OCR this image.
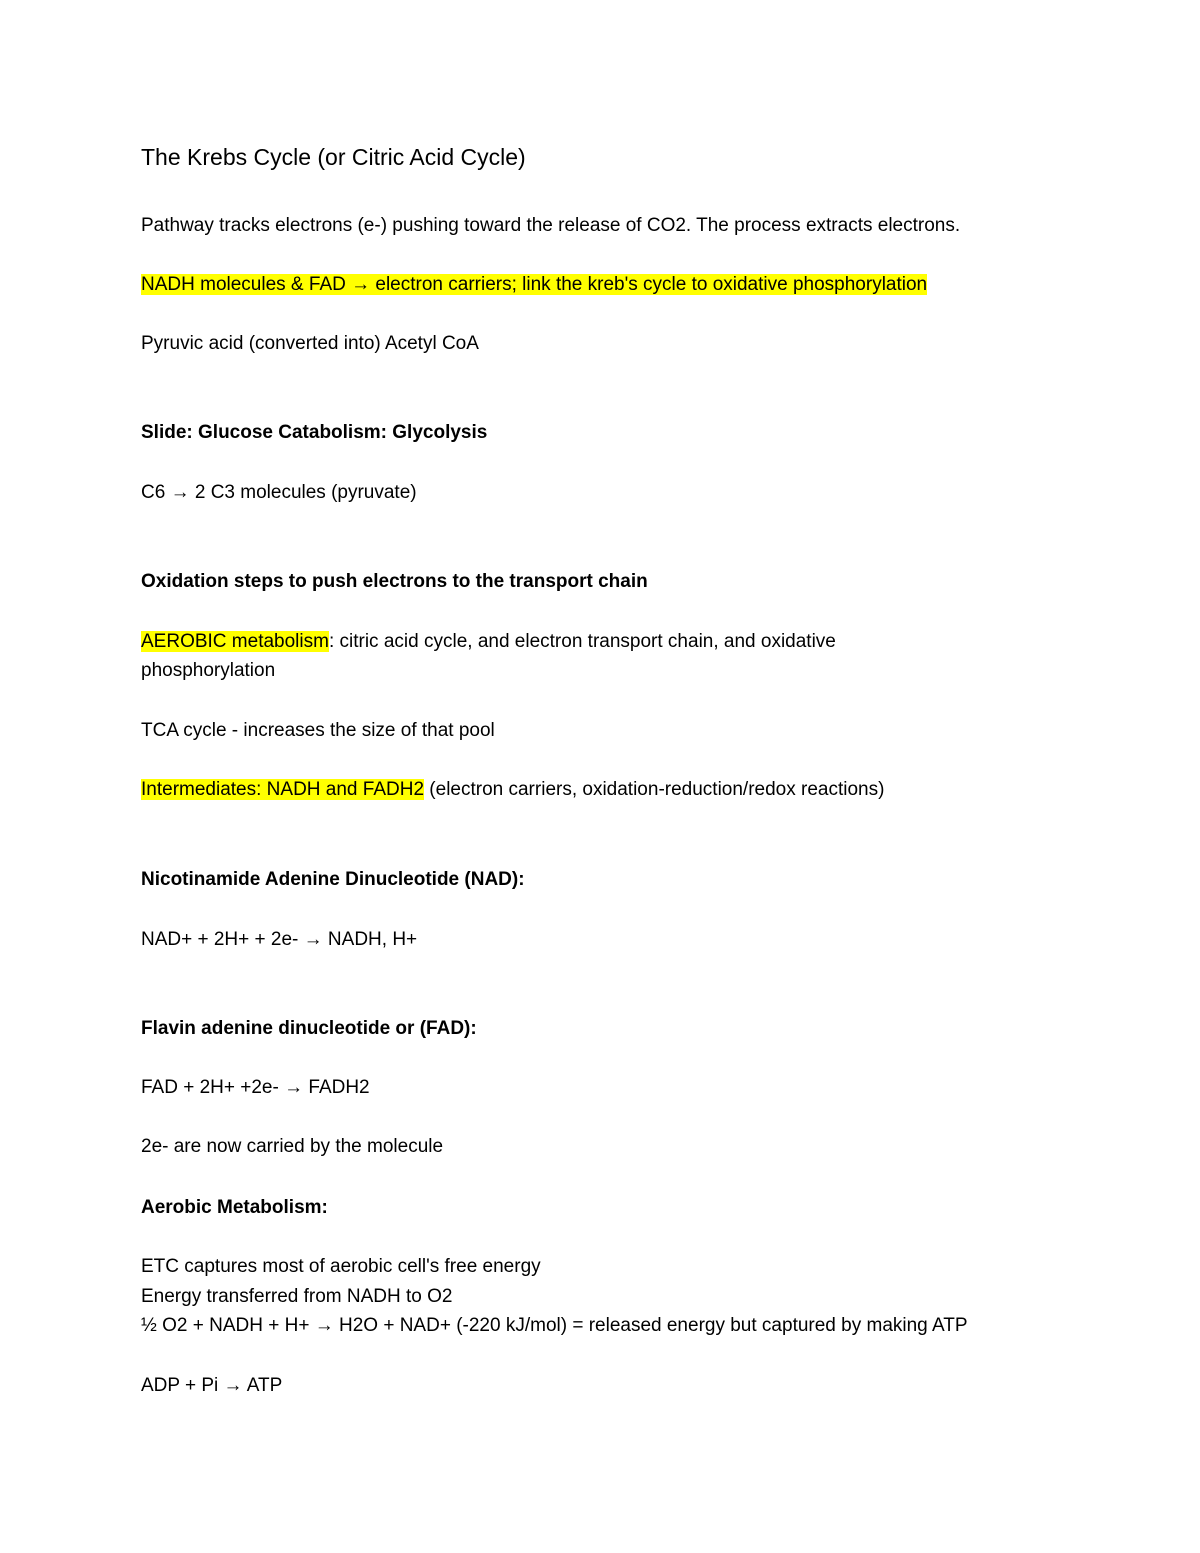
The Krebs Cycle (or Citric Acid Cycle)
Pathway tracks electrons (e-) pushing toward the release of CO2. The process extracts electrons.
NADH molecules & FAD → electron carriers; link the kreb's cycle to oxidative phosphorylation
Pyruvic acid (converted into) Acetyl CoA
Slide: Glucose Catabolism: Glycolysis
C6 → 2 C3 molecules (pyruvate)
Oxidation steps to push electrons to the transport chain
AEROBIC metabolism: citric acid cycle, and electron transport chain, and oxidative
phosphorylation
TCA cycle - increases the size of that pool
Intermediates: NADH and FADH2 (electron carriers, oxidation-reduction/redox reactions)
Nicotinamide Adenine Dinucleotide (NAD):
NAD+ + 2H+ + 2e- → NADH, H+
Flavin adenine dinucleotide or (FAD):
FAD + 2H+ +2e- → FADH2
2e- are now carried by the molecule
Aerobic Metabolism:
ETC captures most of aerobic cell's free energy
Energy transferred from NADH to O2
½ O2 + NADH + H+ → H2O + NAD+ (-220 kJ/mol) = released energy but captured by making ATP
ADP + Pi → ATP
